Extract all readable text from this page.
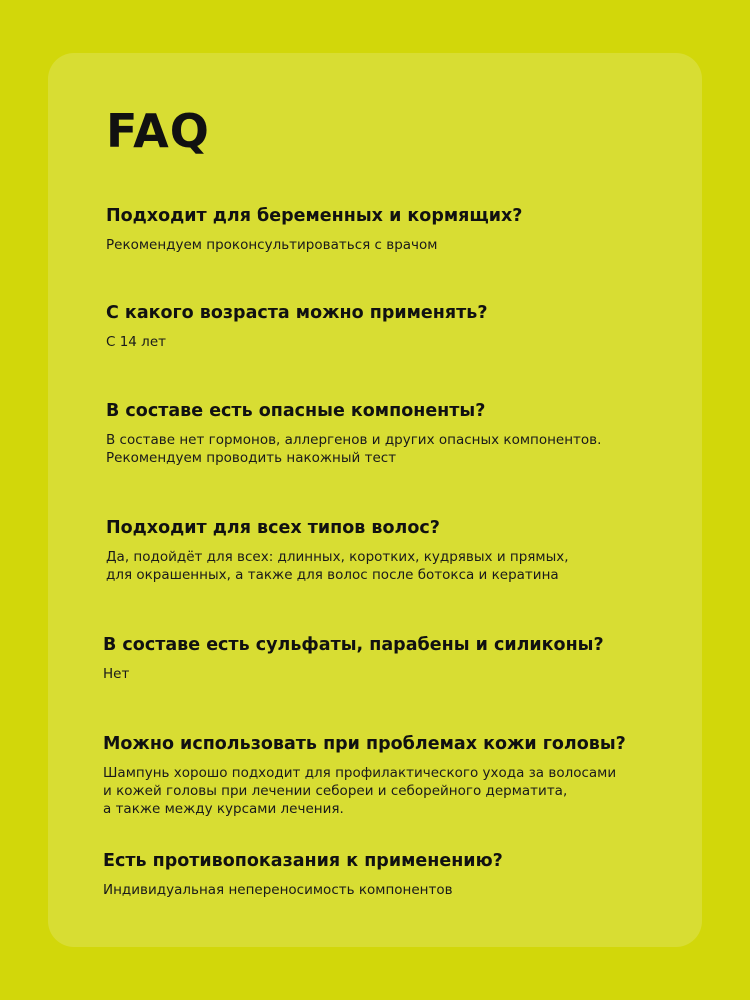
FAQ

Подходит для беременных и кормящих?

Рекомендуем проконсультироваться с врачом

С какого возраста можно применять?

С 14 лет

В составе есть опасные компоненты?

В составе нет гормонов, аллергенов и других опасных компонентов.
Рекомендуем проводить накожный тест

Подходит для всех типов волос?

Да, подойдёт для всех: длинных, коротких, кудрявых и прямых,
для окрашенных, а также для волос после ботокса и кератина

В составе есть сульфаты, парабены и силиконы?

Нет

Можно использовать при проблемах кожи головы?

Шампунь хорошо подходит для профилактического ухода за волосами
и кожей головы при лечении себореи и себорейного дерматита,
а также между курсами лечения.

Есть противопоказания к применению?

Индивидуальная непереносимость компонентов
